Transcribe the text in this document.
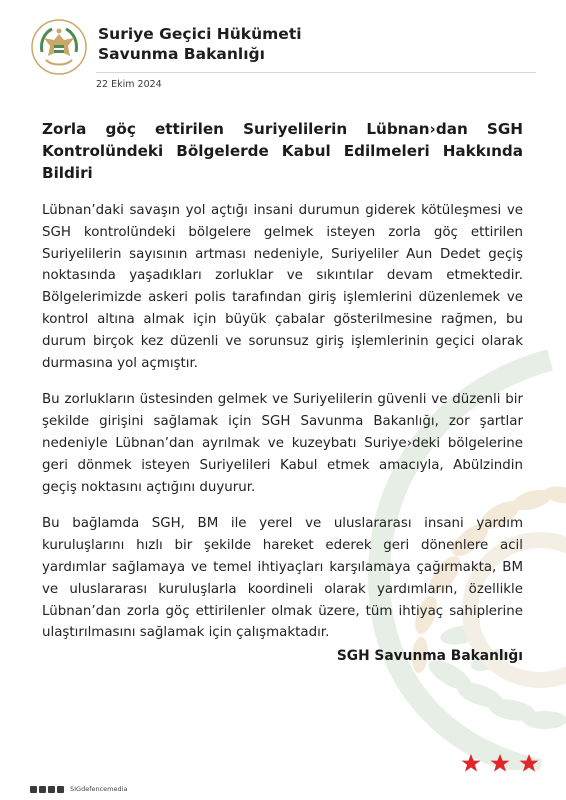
Suriye Geçici Hükümeti
Savunma Bakanlığı
22 Ekim 2024
Zorla göç ettirilen Suriyelilerin Lübnan›dan SGH Kontrolündeki Bölgelerde Kabul Edilmeleri Hakkında Bildiri

Lübnan’daki savaşın yol açtığı insani durumun giderek kötüleşmesi ve SGH kontrolündeki bölgelere gelmek isteyen zorla göç ettirilen Suriyelilerin sayısının artması nedeniyle, Suriyeliler Aun Dedet geçiş noktasında yaşadıkları zorluklar ve sıkıntılar devam etmektedir. Bölgelerimizde askeri polis tarafından giriş işlemlerini düzenlemek ve kontrol altına almak için büyük çabalar gösterilmesine rağmen, bu durum birçok kez düzenli ve sorunsuz giriş işlemlerinin geçici olarak durmasına yol açmıştır.

Bu zorlukların üstesinden gelmek ve Suriyelilerin güvenli ve düzenli bir şekilde girişini sağlamak için SGH Savunma Bakanlığı, zor şartlar nedeniyle Lübnan’dan ayrılmak ve kuzeybatı Suriye›deki bölgelerine geri dönmek isteyen Suriyelileri Kabul etmek amacıyla, Abülzindin geçiş noktasını açtığını duyurur.

Bu bağlamda SGH, BM ile yerel ve uluslararası insani yardım kuruluşlarını hızlı bir şekilde hareket ederek geri dönenlere acil yardımlar sağlamaya ve temel ihtiyaçları karşılamaya çağırmakta, BM ve uluslararası kuruluşlarla koordineli olarak yardımların, özellikle Lübnan’dan zorla göç ettirilenler olmak üzere, tüm ihtiyaç sahiplerine ulaştırılmasını sağlamak için çalışmaktadır.

SGH Savunma Bakanlığı
SIGdefencemedia
